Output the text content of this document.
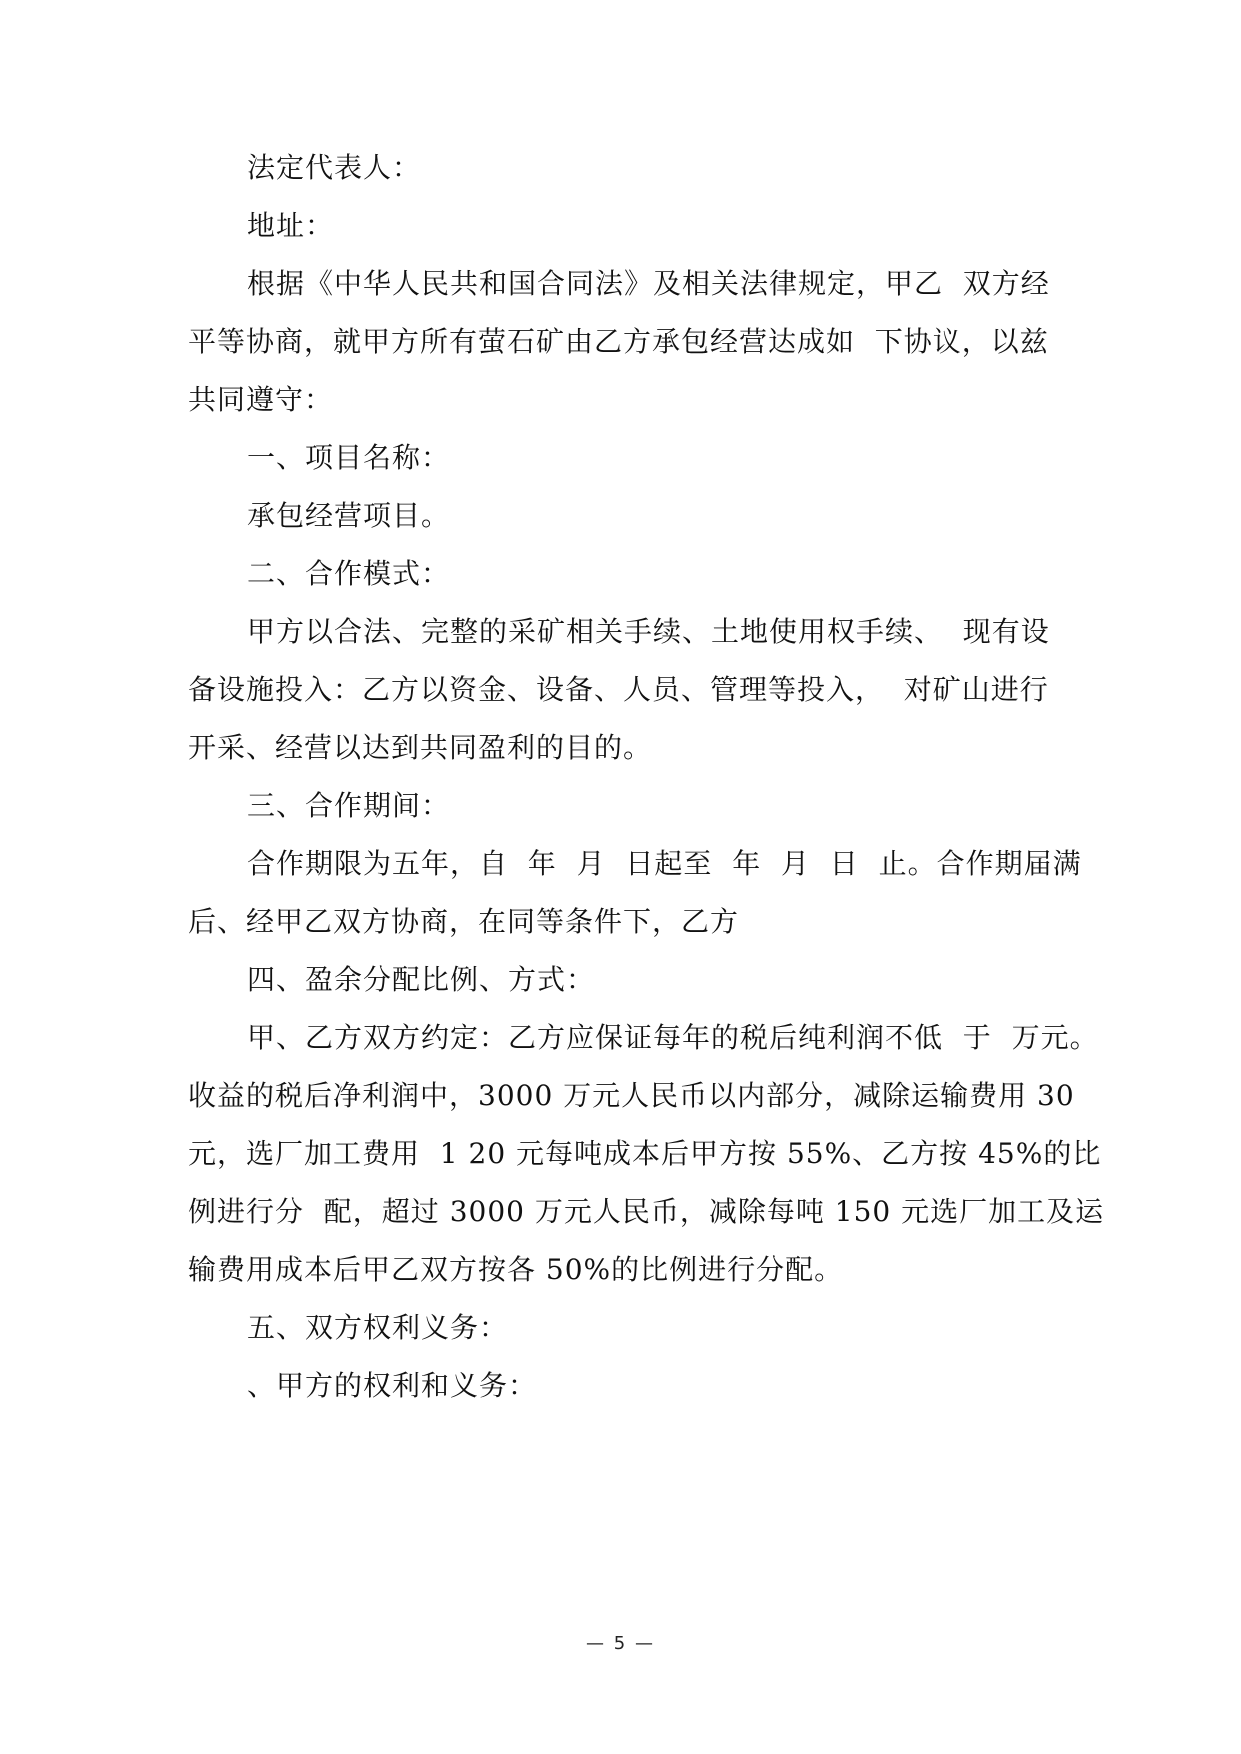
法定代表人：
地址：
根据《中华人民共和国合同法》及相关法律规定，甲乙  双方经
平等协商，就甲方所有萤石矿由乙方承包经营达成如  下协议，以兹
共同遵守：
一、项目名称：
承包经营项目。
二、合作模式：
甲方以合法、完整的采矿相关手续、土地使用权手续、  现有设
备设施投入：乙方以资金、设备、人员、管理等投入，  对矿山进行
开采、经营以达到共同盈利的目的。
三、合作期间：
合作期限为五年，自  年  月  日起至  年  月  日  止。合作期届满
后、经甲乙双方协商，在同等条件下，乙方
四、盈余分配比例、方式：
甲、乙方双方约定：乙方应保证每年的税后纯利润不低  于  万元。
收益的税后净利润中，3000 万元人民币以内部分，减除运输费用 30
元，选厂加工费用  1 20 元每吨成本后甲方按 55%、乙方按 45%的比
例进行分  配，超过 3000 万元人民币，减除每吨 150 元选厂加工及运
输费用成本后甲乙双方按各 50%的比例进行分配。
五、双方权利义务：
、甲方的权利和义务：
— 5 —
